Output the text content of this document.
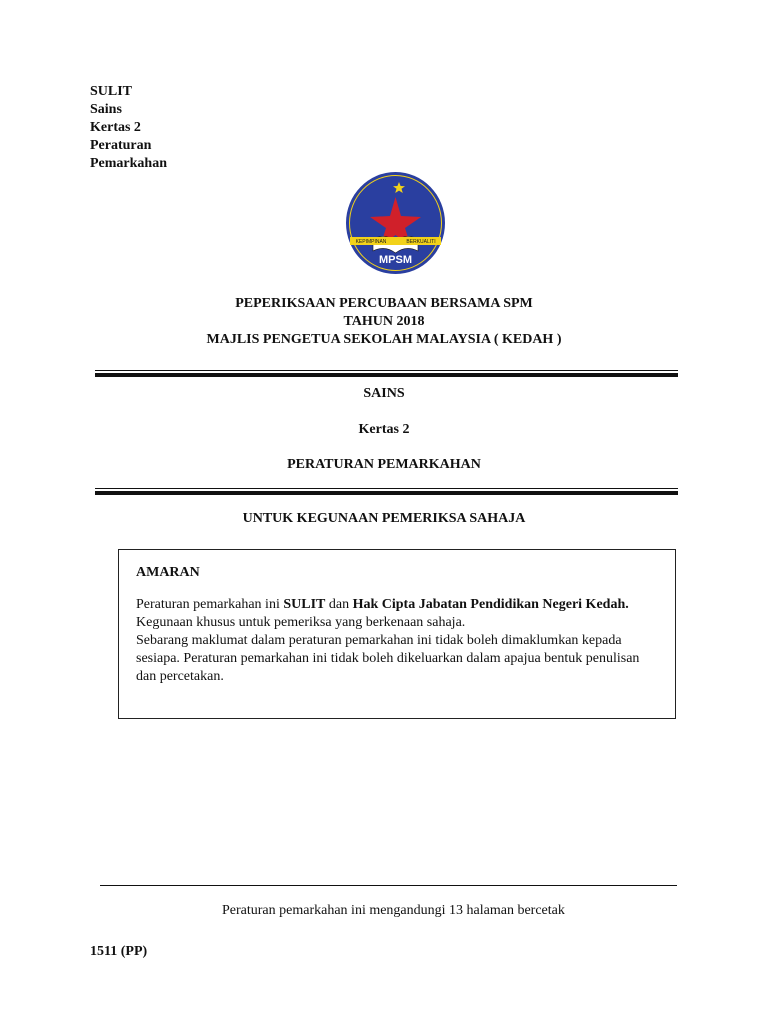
SULIT
Sains
Kertas 2
Peraturan
Pemarkahan
KEPIMPINAN	BERKUALITI
MPSM
PEPERIKSAAN PERCUBAAN BERSAMA SPM
TAHUN 2018
MAJLIS PENGETUA SEKOLAH MALAYSIA ( KEDAH )
SAINS
Kertas 2
PERATURAN PEMARKAHAN
UNTUK KEGUNAAN PEMERIKSA SAHAJA
AMARAN

Peraturan pemarkahan ini SULIT dan Hak Cipta Jabatan Pendidikan Negeri Kedah.

Kegunaan khusus untuk pemeriksa yang berkenaan sahaja.

Sebarang maklumat dalam peraturan pemarkahan ini tidak boleh dimaklumkan kepada sesiapa. Peraturan pemarkahan ini tidak boleh dikeluarkan dalam apajua bentuk penulisan dan percetakan.

Peraturan pemarkahan ini mengandungi 13 halaman bercetak
1511 (PP)
